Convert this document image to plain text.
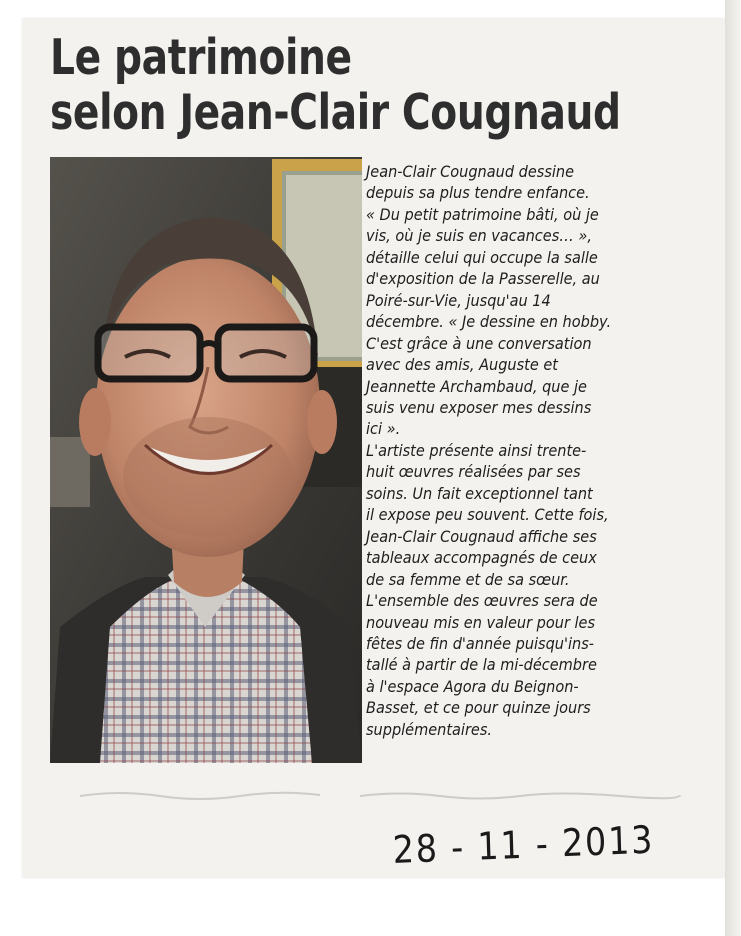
Le patrimoine
selon Jean-Clair Cougnaud

Jean-Clair Cougnaud dessine
depuis sa plus tendre enfance.
« Du petit patrimoine bâti, où je
vis, où je suis en vacances… »,
détaille celui qui occupe la salle
d'exposition de la Passerelle, au
Poiré-sur-Vie, jusqu'au 14
décembre. « Je dessine en hobby.
C'est grâce à une conversation
avec des amis, Auguste et
Jeannette Archambaud, que je
suis venu exposer mes dessins
ici ».

L'artiste présente ainsi trente-
huit œuvres réalisées par ses
soins. Un fait exceptionnel tant
il expose peu souvent. Cette fois,
Jean-Clair Cougnaud affiche ses
tableaux accompagnés de ceux
de sa femme et de sa sœur.

L'ensemble des œuvres sera de
nouveau mis en valeur pour les
fêtes de fin d'année puisqu'ins-
tallé à partir de la mi-décembre
à l'espace Agora du Beignon-
Basset, et ce pour quinze jours
supplémentaires.

28 - 11 - 2013
